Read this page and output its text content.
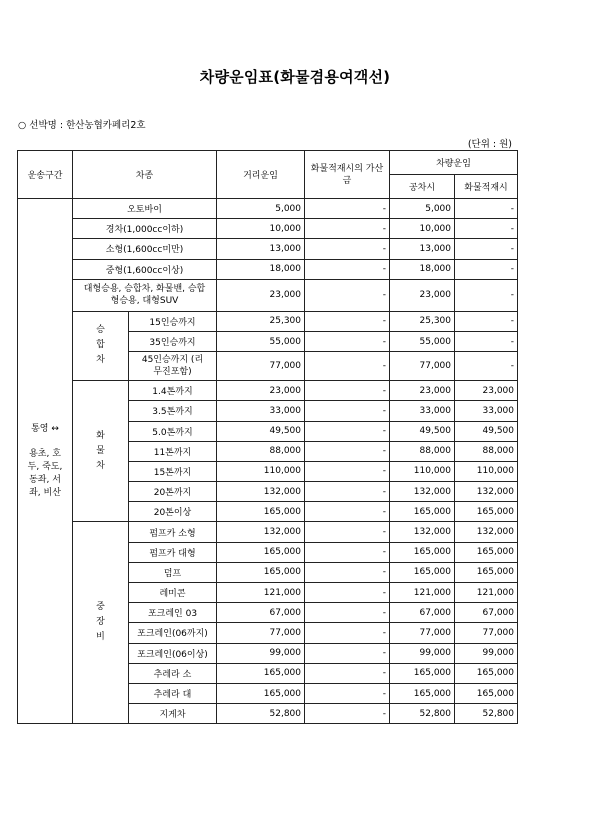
차량운임표(화물겸용여객선)
○ 선박명 : 한산농협카페리2호
(단위 : 원)
운송구간	차종		거리운임	화물적재시의 가산금	차량운임	
					공차시	화물적재시

통영 ↔
용초, 호두, 죽도, 동좌, 서좌, 비산	오토바이		5,000	-	5,000	-
	경차(1,000cc이하)		10,000	-	10,000	-
	소형(1,600cc미만)		13,000	-	13,000	-
	중형(1,600cc이상)		18,000	-	18,000	-
	대형승용, 승합차, 화물밴, 승합형승용, 대형SUV		23,000	-	23,000	-
	승 합 차	15인승까지	25,300	-	25,300	-
		35인승까지	55,000	-	55,000	-
		45인승까지 (리무진포함)	77,000	-	77,000	-
	화 물 차	1.4톤까지	23,000	-	23,000	23,000
		3.5톤까지	33,000	-	33,000	33,000
		5.0톤까지	49,500	-	49,500	49,500
		11톤까지	88,000	-	88,000	88,000
		15톤까지	110,000	-	110,000	110,000
		20톤까지	132,000	-	132,000	132,000
		20톤이상	165,000	-	165,000	165,000
	중 장 비	펌프카 소형	132,000	-	132,000	132,000
		펌프카 대형	165,000	-	165,000	165,000
		덤프	165,000	-	165,000	165,000
		레미콘	121,000	-	121,000	121,000
		포크레인 03	67,000	-	67,000	67,000
		포크레인(06까지)	77,000	-	77,000	77,000
		포크레인(06이상)	99,000	-	99,000	99,000
		추레라 소	165,000	-	165,000	165,000
		추레라 대	165,000	-	165,000	165,000
		지게차	52,800	-	52,800	52,800
